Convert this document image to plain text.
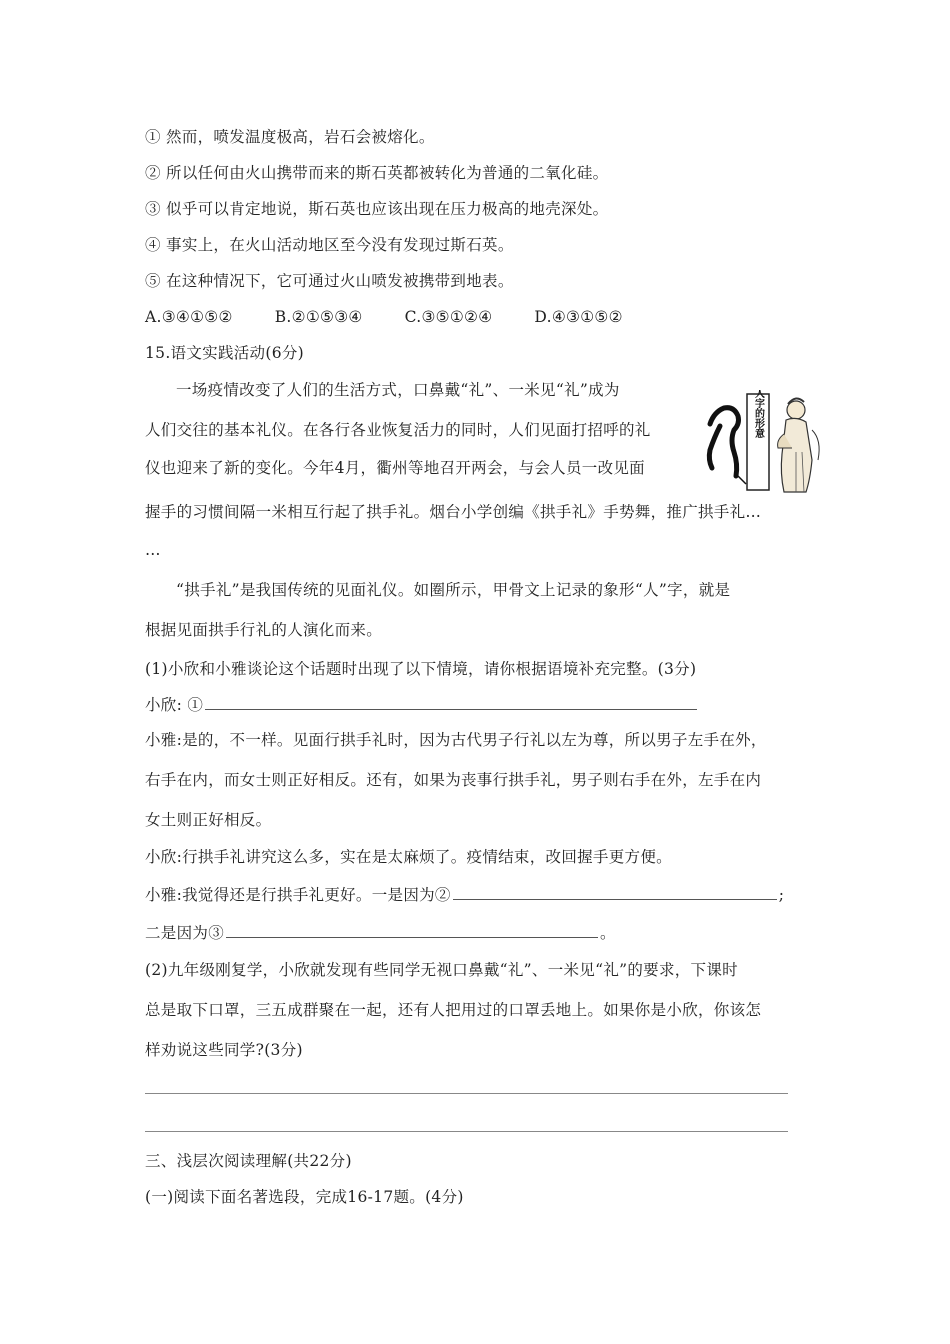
① 然而，喷发温度极高，岩石会被熔化。
② 所以任何由火山携带而来的斯石英都被转化为普通的二氧化硅。
③ 似乎可以肯定地说，斯石英也应该出现在压力极高的地壳深处。
④ 事实上，在火山活动地区至今没有发现过斯石英。
⑤ 在这种情况下，它可通过火山喷发被携带到地表。
A.③④①⑤②	B.②①⑤③④	C.③⑤①②④	D.④③①⑤②
15.语文实践活动(6分)
一场疫情改变了人们的生活方式，口鼻戴“礼”、一米见“礼”成为
人们交往的基本礼仪。在各行各业恢复活力的同时，人们见面打招呼的礼
仪也迎来了新的变化。今年4月，衢州等地召开两会，与会人员一改见面
握手的习惯间隔一米相互行起了拱手礼。烟台小学创编《拱手礼》手势舞，推广拱手礼…
…
甲骨文人字的形意
“拱手礼”是我国传统的见面礼仪。如圈所示，甲骨文上记录的象形“人”字，就是
根据见面拱手行礼的人演化而来。
(1)小欣和小雅谈论这个话题时出现了以下情境，请你根据语境补充完整。(3分)
小欣: ①
小雅:是的，不一样。见面行拱手礼时，因为古代男子行礼以左为尊，所以男子左手在外，
右手在内，而女士则正好相反。还有，如果为丧事行拱手礼，男子则右手在外，左手在内
女土则正好相反。
小欣:行拱手礼讲究这么多，实在是太麻烦了。疫情结束，改回握手更方便。
小雅:我觉得还是行拱手礼更好。一是因为②	;
二是因为③	。
(2)九年级刚复学，小欣就发现有些同学无视口鼻戴“礼”、一米见“礼”的要求，下课时
总是取下口罩，三五成群聚在一起，还有人把用过的口罩丢地上。如果你是小欣，你该怎
样劝说这些同学?(3分)
三、浅层次阅读理解(共22分)
(一)阅读下面名著选段，完成16-17题。(4分)
